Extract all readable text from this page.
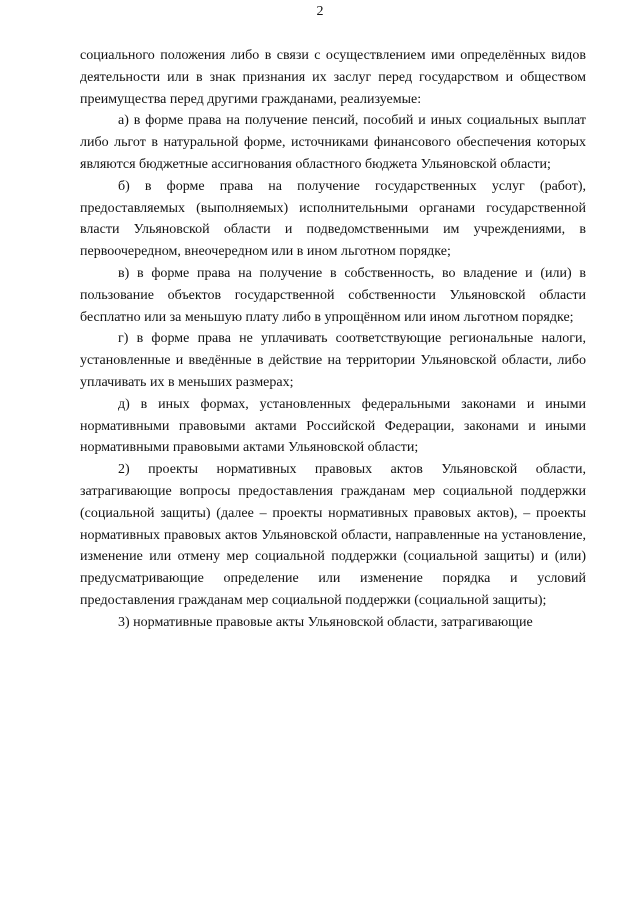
2

социального положения либо в связи с осуществлением ими определённых видов деятельности или в знак признания их заслуг перед государством и обществом преимущества перед другими гражданами, реализуемые:

а) в форме права на получение пенсий, пособий и иных социальных выплат либо льгот в натуральной форме, источниками финансового обеспечения которых являются бюджетные ассигнования областного бюджета Ульяновской области;

б) в форме права на получение государственных услуг (работ), предоставляемых (выполняемых) исполнительными органами государственной власти Ульяновской области и подведомственными им учреждениями, в первоочередном, внеочередном или в ином льготном порядке;

в) в форме права на получение в собственность, во владение и (или) в пользование объектов государственной собственности Ульяновской области бесплатно или за меньшую плату либо в упрощённом или ином льготном порядке;

г) в форме права не уплачивать соответствующие региональные налоги, установленные и введённые в действие на территории Ульяновской области, либо уплачивать их в меньших размерах;

д) в иных формах, установленных федеральными законами и иными нормативными правовыми актами Российской Федерации, законами и иными нормативными правовыми актами Ульяновской области;

2) проекты нормативных правовых актов Ульяновской области, затрагивающие вопросы предоставления гражданам мер социальной поддержки (социальной защиты) (далее – проекты нормативных правовых актов), – проекты нормативных правовых актов Ульяновской области, направленные на установление, изменение или отмену мер социальной поддержки (социальной защиты) и (или) предусматривающие определение или изменение порядка и условий предоставления гражданам мер социальной поддержки (социальной защиты);

3) нормативные правовые акты Ульяновской области, затрагивающие
